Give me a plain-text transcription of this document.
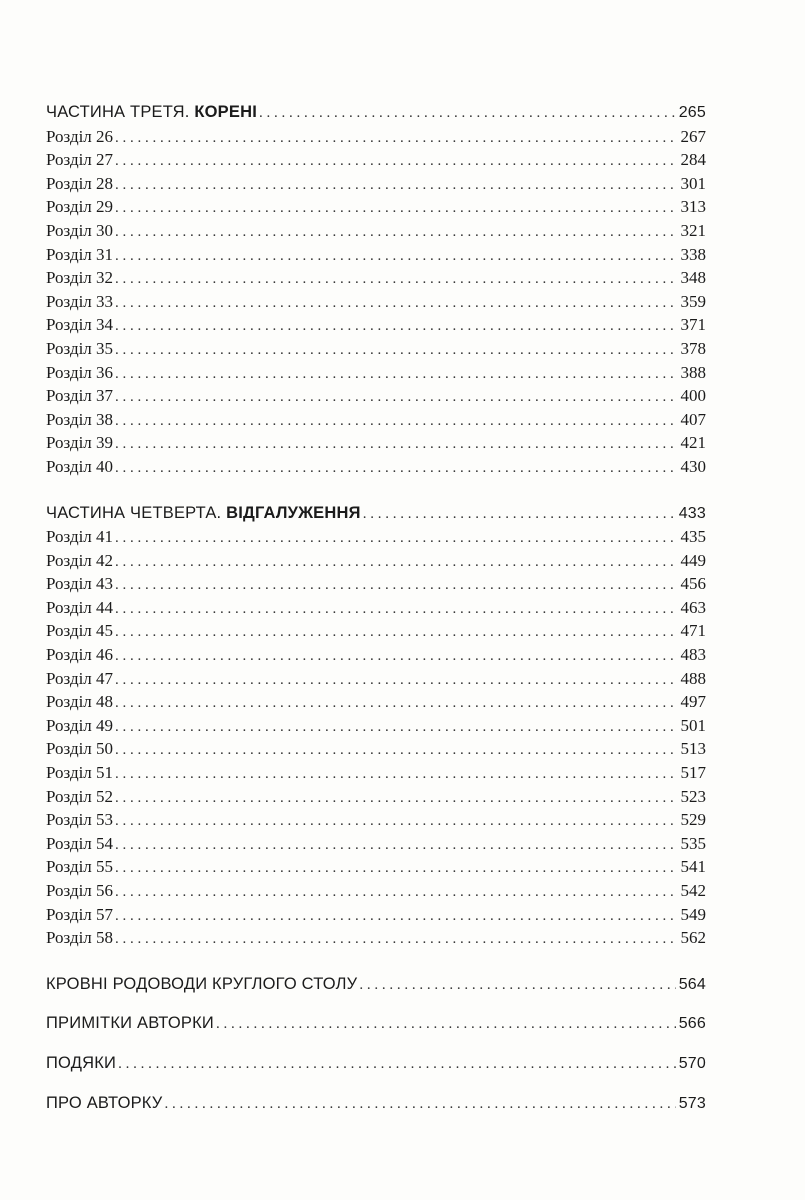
ЧАСТИНА ТРЕТЯ. КОРЕНІ . . .	265
Розділ 26 . . .	267
Розділ 27 . . .	284
Розділ 28 . . .	301
Розділ 29 . . .	313
Розділ 30 . . .	321
Розділ 31 . . .	338
Розділ 32 . . .	348
Розділ 33 . . .	359
Розділ 34 . . .	371
Розділ 35 . . .	378
Розділ 36 . . .	388
Розділ 37 . . .	400
Розділ 38 . . .	407
Розділ 39 . . .	421
Розділ 40 . . .	430
ЧАСТИНА ЧЕТВЕРТА. ВІДГАЛУЖЕННЯ . . .	433
Розділ 41 . . .	435
Розділ 42 . . .	449
Розділ 43 . . .	456
Розділ 44 . . .	463
Розділ 45 . . .	471
Розділ 46 . . .	483
Розділ 47 . . .	488
Розділ 48 . . .	497
Розділ 49 . . .	501
Розділ 50 . . .	513
Розділ 51 . . .	517
Розділ 52 . . .	523
Розділ 53 . . .	529
Розділ 54 . . .	535
Розділ 55 . . .	541
Розділ 56 . . .	542
Розділ 57 . . .	549
Розділ 58 . . .	562
КРОВНІ РОДОВОДИ КРУГЛОГО СТОЛУ . . .	564
ПРИМІТКИ АВТОРКИ . . .	566
ПОДЯКИ . . .	570
ПРО АВТОРКУ . . .	573
